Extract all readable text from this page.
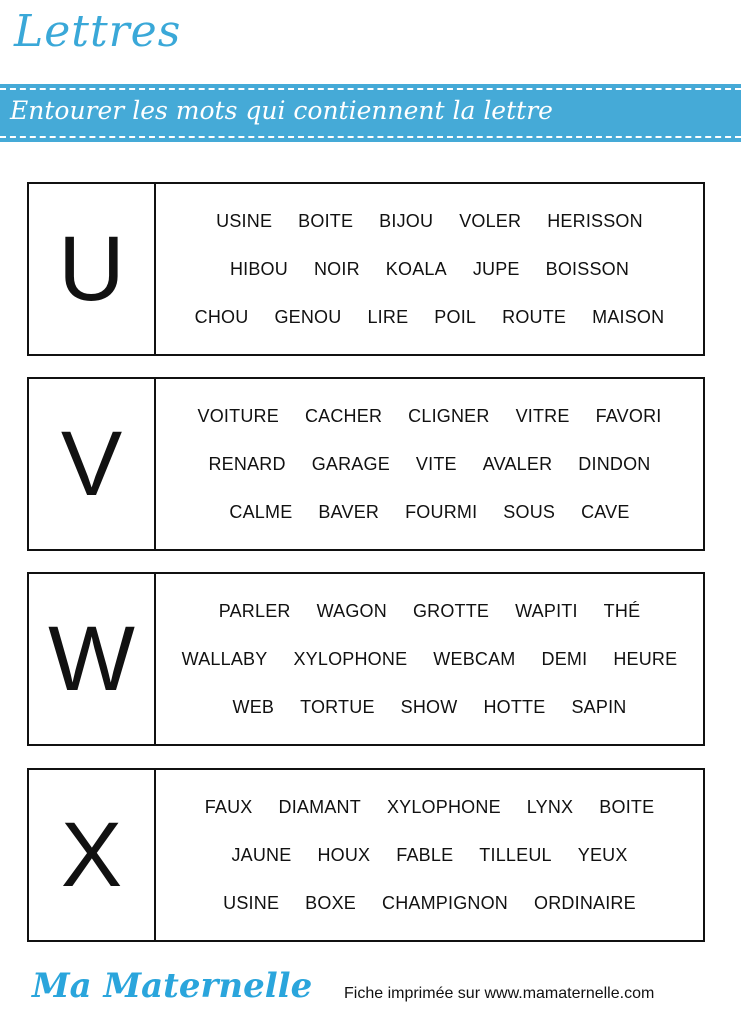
Lettres
Entourer les mots qui contiennent la lettre
U	USINE BOITE BIJOU VOLER HERISSON
HIBOU NOIR KOALA JUPE BOISSON
CHOU GENOU LIRE POIL ROUTE MAISON
V	VOITURE CACHER CLIGNER VITRE FAVORI
RENARD GARAGE VITE AVALER DINDON
CALME BAVER FOURMI SOUS CAVE
W	PARLER WAGON GROTTE WAPITI THÉ
WALLABY XYLOPHONE WEBCAM DEMI HEURE
WEB TORTUE SHOW HOTTE SAPIN
X	FAUX DIAMANT XYLOPHONE LYNX BOITE
JAUNE HOUX FABLE TILLEUL YEUX
USINE BOXE CHAMPIGNON ORDINAIRE
Ma Maternelle Fiche imprimée sur www.mamaternelle.com
